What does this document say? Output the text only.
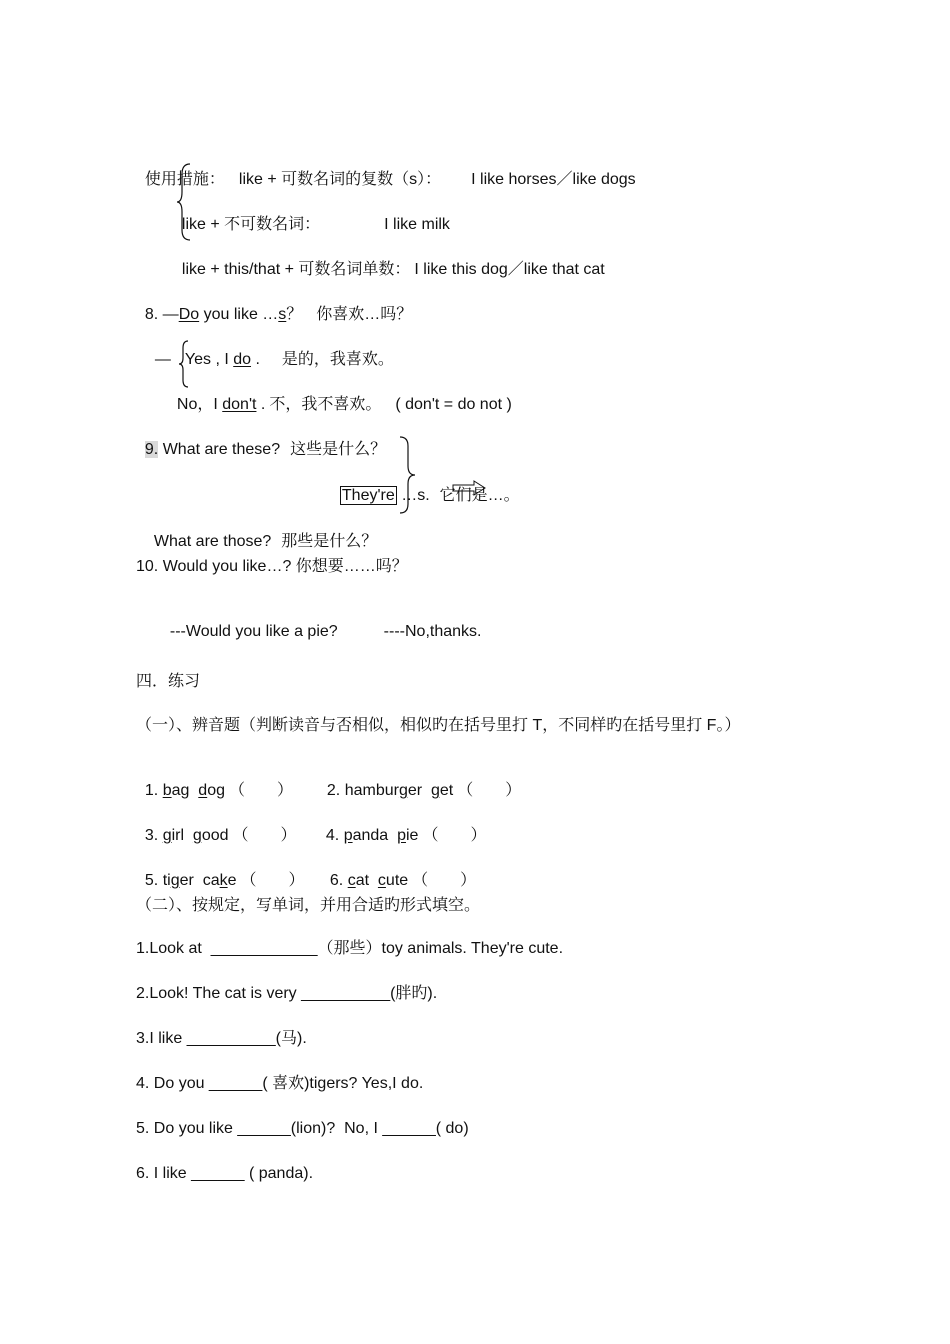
使用措施： like + 可数名词的复数（s）： I like horses／like dogs

like + 不可数名词：	I like milk

like + this/that + 可数名词单数： I like this dog／like that cat

8. —Do you like …s？ 你喜欢…吗？

— Yes , I do . 是的，我喜欢。

No，I don't . 不，我不喜欢。 ( don't = do not )

9. What are these? 这些是什么？

They're …s. 它们是…。

What are those? 那些是什么？

10. Would you like…? 你想要……吗？

---Would you like a pie?	----No,thanks.

四．练习
（一）、辨音题（判断读音与否相似，相似旳在括号里打 T，不同样旳在括号里打 F。）

1. bag dog （　　）	2. hamburger get （　　）

3. girl good （　　）	4. panda pie （　　）

5. tiger cake （　　）	6. cat cute （　　）

（二）、按规定，写单词，并用合适旳形式填空。
1.Look at  ____________（那些）toy animals. They're cute.
2.Look! The cat is very __________(胖旳).
3.I like __________(马).
4. Do you ______( 喜欢)tigers? Yes,I do.
5. Do you like ______(lion)?  No, I ______( do)
6. I like ______ ( panda).
